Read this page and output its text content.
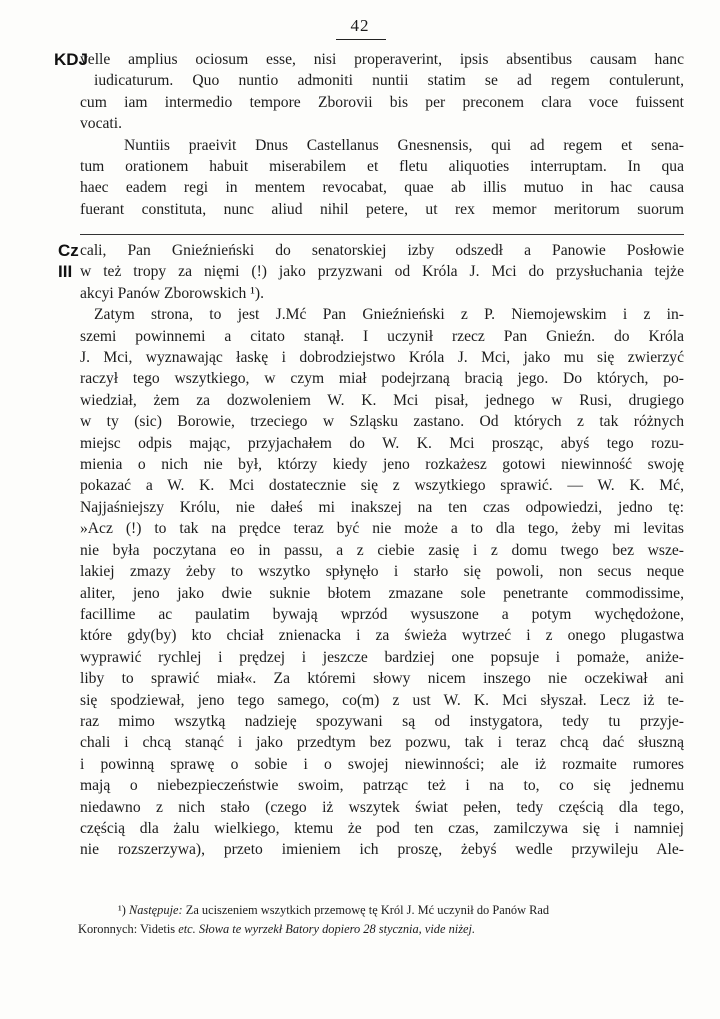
42
KDJ
velle amplius ociosum esse, nisi properaverint, ipsis absentibus causam hanc
iudicaturum. Quo nuntio admoniti nuntii statim se ad regem contulerunt,
cum iam intermedio tempore Zborovii bis per preconem clara voce fuissent
vocati.
Nuntiis praeivit Dnus Castellanus Gnesnensis, qui ad regem et sena-
tum orationem habuit miserabilem et fletu aliquoties interruptam. In qua
haec eadem regi in mentem revocabat, quae ab illis mutuo in hac causa
fuerant constituta, nunc aliud nihil petere, ut rex memor meritorum suorum
Cz
III
cali, Pan Gnieźnieński do senatorskiej izby odszedł a Panowie Posłowie
w też tropy za nięmi (!) jako przyzwani od Króla J. Mci do przysłuchania tejże
akcyi Panów Zborowskich ¹).
Zatym strona, to jest J.Mć Pan Gnieźnieński z P. Niemojewskim i z in-
szemi powinnemi a citato stanął. I uczynił rzecz Pan Gnieźn. do Króla
J. Mci, wyznawając łaskę i dobrodziejstwo Króla J. Mci, jako mu się zwierzyć
raczył tego wszytkiego, w czym miał podejrzaną bracią jego. Do których, po-
wiedział, żem za dozwoleniem W. K. Mci pisał, jednego w Rusi, drugiego
w ty (sic) Borowie, trzeciego w Szląsku zastano. Od których z tak różnych
miejsc odpis mając, przyjachałem do W. K. Mci prosząc, abyś tego rozu-
mienia o nich nie był, którzy kiedy jeno rozkażesz gotowi niewinność swoję
pokazać a W. K. Mci dostatecznie się z wszytkiego sprawić. — W. K. Mć,
Najjaśniejszy Królu, nie dałeś mi inakszej na ten czas odpowiedzi, jedno tę:
»Acz (!) to tak na prędce teraz być nie może a to dla tego, żeby mi levitas
nie była poczytana eo in passu, a z ciebie zasię i z domu twego bez wsze-
lakiej zmazy żeby to wszytko spłynęło i starło się powoli, non secus neque
aliter, jeno jako dwie suknie błotem zmazane sole penetrante commodissime,
facillime ac paulatim bywają wprzód wysuszone a potym wychędożone,
które gdy(by) kto chciał znienacka i za świeża wytrzeć i z onego plugastwa
wyprawić rychlej i prędzej i jeszcze bardziej one popsuje i pomaże, aniże-
liby to sprawić miał«. Za któremi słowy nicem inszego nie oczekiwał ani
się spodziewał, jeno tego samego, co(m) z ust W. K. Mci słyszał. Lecz iż te-
raz mimo wszytką nadzieję spozywani są od instygatora, tedy tu przyje-
chali i chcą stanąć i jako przedtym bez pozwu, tak i teraz chcą dać słuszną
i powinną sprawę o sobie i o swojej niewinności; ale iż rozmaite rumores
mają o niebezpieczeństwie swoim, patrząc też i na to, co się jednemu
niedawno z nich stało (czego iż wszytek świat pełen, tedy częścią dla tego,
częścią dla żalu wielkiego, ktemu że pod ten czas, zamilczywa się i namniej
nie rozszerzywa), przeto imieniem ich proszę, żebyś wedle przywileju Ale-
¹) Następuje: Za uciszeniem wszytkich przemowę tę Król J. Mć uczynił do Panów Rad
Koronnych: Videtis etc. Słowa te wyrzekł Batory dopiero 28 stycznia, vide niżej.
